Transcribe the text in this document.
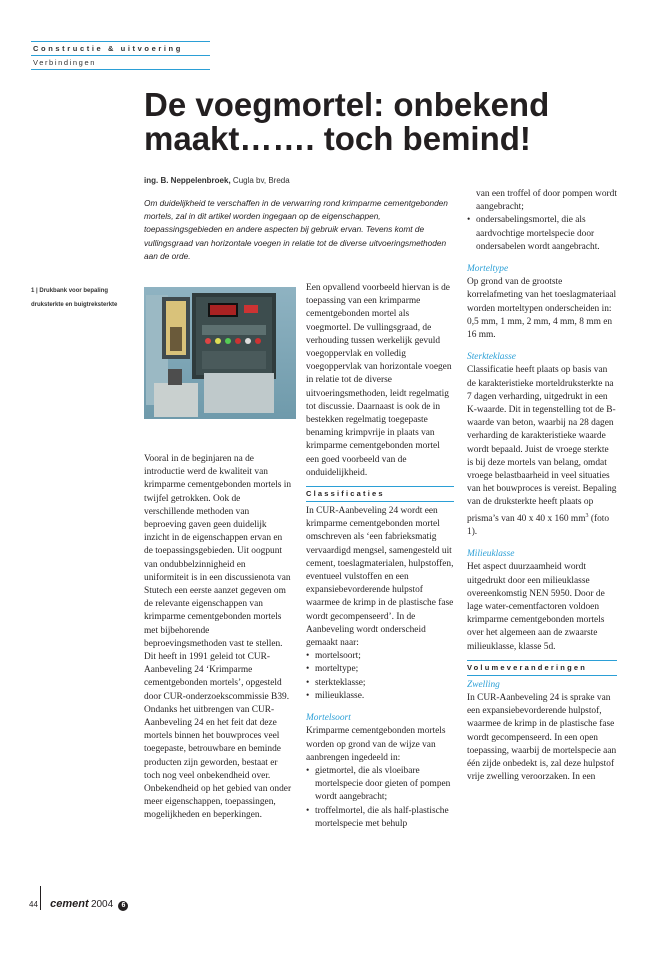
Constructie & uitvoering
Verbindingen
De voegmortel: onbekend maakt……. toch bemind!
ing. B. Neppelenbroek, Cugla bv, Breda
Om duidelijkheid te verschaffen in de verwarring rond krimparme cementgebonden mortels, zal in dit artikel worden ingegaan op de eigenschappen, toepassingsgebieden en andere aspecten bij gebruik ervan. Tevens komt de vullingsgraad van horizontale voegen in relatie tot de diverse uitvoeringsmethoden aan de orde.
1 | Drukbank voor bepaling druksterkte en buigtreksterkte

Vooral in de beginjaren na de introductie werd de kwaliteit van krimparme cementgebonden mortels in twijfel getrokken. Ook de verschillende methoden van beproeving gaven geen duidelijk inzicht in de eigenschappen ervan en de toepassingsgebieden. Uit oogpunt van ondubbelzinnigheid en uniformiteit is in een discussienota van Stutech een eerste aanzet gegeven om de relevante eigenschappen van krimparme cementgebonden mortels met bijbehorende beproevingsmethoden vast te stellen. Dit heeft in 1991 geleid tot CUR-Aanbeveling 24 ‘Krimparme cementgebonden mortels’, opgesteld door CUR-onderzoekscommissie B39. Ondanks het uitbrengen van CUR-Aanbeveling 24 en het feit dat deze mortels binnen het bouwproces veel toegepaste, betrouwbare en beminde producten zijn geworden, bestaat er toch nog veel onbekendheid over. Onbekendheid op het gebied van onder meer eigenschappen, toepassingen, mogelijkheden en beperkingen.

Een opvallend voorbeeld hiervan is de toepassing van een krimparme cementgebonden mortel als voegmortel. De vullingsgraad, de verhouding tussen werkelijk gevuld voegoppervlak en volledig voegoppervlak van horizontale voegen in relatie tot de diverse uitvoeringsmethoden, leidt regelmatig tot discussie. Daarnaast is ook de in bestekken regelmatig toegepaste benaming krimpvrije in plaats van krimparme cementgebonden mortel een goed voorbeeld van de onduidelijkheid.

Classificaties

In CUR-Aanbeveling 24 wordt een krimparme cementgebonden mortel omschreven als ‘een fabrieksmatig vervaardigd mengsel, samengesteld uit cement, toeslagmaterialen, hulpstoffen, eventueel vulstoffen en een expansiebevorderende hulpstof waarmee de krimp in de plastische fase wordt gecompenseerd’. In de Aanbeveling wordt onderscheid gemaakt naar:

• mortelsoort;
• morteltype;
• sterkteklasse;
• milieuklasse.

Mortelsoort

Krimparme cementgebonden mortels worden op grond van de wijze van aanbrengen ingedeeld in:

• gietmortel, die als vloeibare mortelspecie door gieten of pompen wordt aangebracht;
• troffelmortel, die als half-plastische mortelspecie met behulp

van een troffel of door pompen wordt aangebracht;

• ondersabelingsmortel, die als aardvochtige mortelspecie door ondersabelen wordt aangebracht.

Morteltype

Op grond van de grootste korrelafmeting van het toeslagmateriaal worden morteltypen onderscheiden in: 0,5 mm, 1 mm, 2 mm, 4 mm, 8 mm en 16 mm.

Sterkteklasse

Classificatie heeft plaats op basis van de karakteristieke morteldruksterkte na 7 dagen verharding, uitgedrukt in een K-waarde. Dit in tegenstelling tot de B-waarde van beton, waarbij na 28 dagen verharding de karakteristieke waarde wordt bepaald. Juist de vroege sterkte is bij deze mortels van belang, omdat vroege belastbaarheid in veel situaties van het bouwproces is vereist. Bepaling van de druksterkte heeft plaats op prisma’s van 40 x 40 x 160 $mm^3$ (foto 1).

Milieuklasse

Het aspect duurzaamheid wordt uitgedrukt door een milieuklasse overeenkomstig NEN 5950. Door de lage water-cementfactoren voldoen krimparme cementgebonden mortels over het algemeen aan de zwaarste milieuklasse, klasse 5d.

Volumeveranderingen

Zwelling

In CUR-Aanbeveling 24 is sprake van een expansiebevorderende hulpstof, waarmee de krimp in de plastische fase wordt gecompenseerd. In een open toepassing, waarbij de mortelspecie aan één zijde onbedekt is, zal deze hulpstof vrije zwelling veroorzaken. In een

44 cement 2004 6
